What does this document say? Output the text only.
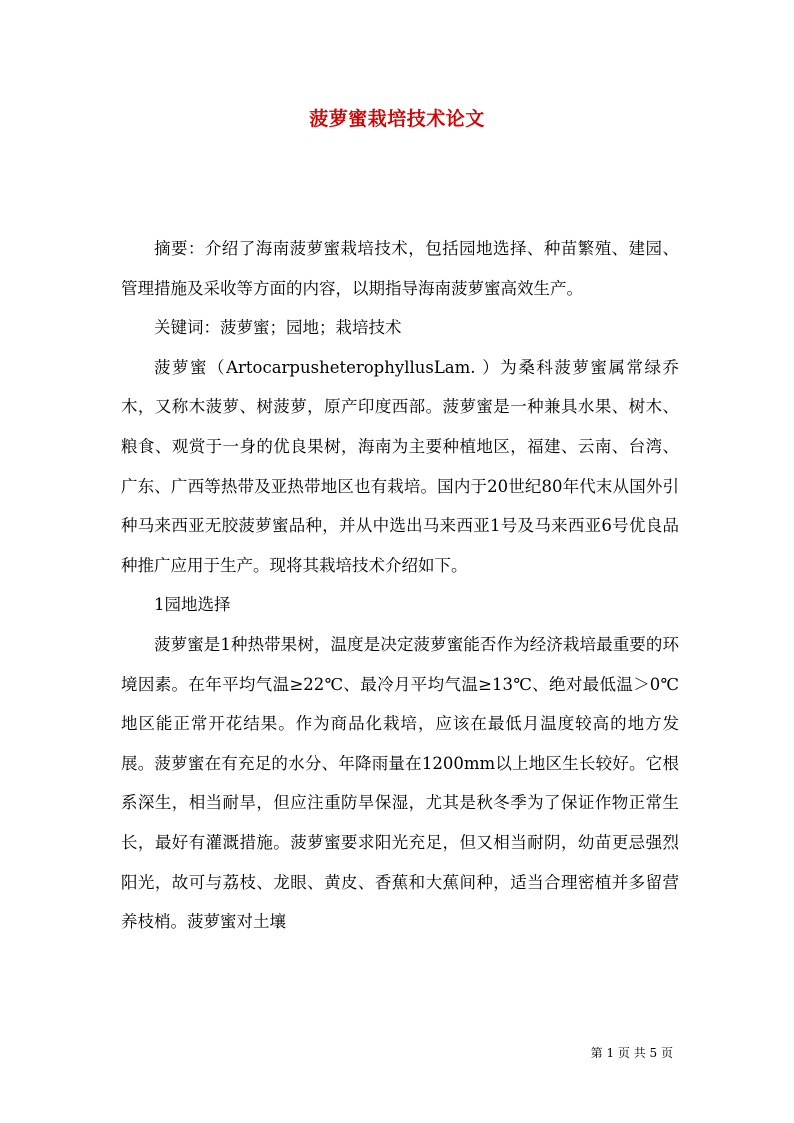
菠萝蜜栽培技术论文

摘要：介绍了海南菠萝蜜栽培技术，包括园地选择、种苗繁殖、建园、管理措施及采收等方面的内容，以期指导海南菠萝蜜高效生产。

关键词：菠萝蜜；园地；栽培技术

菠萝蜜（ArtocarpusheterophyllusLam. ）为桑科菠萝蜜属常绿乔木，又称木菠萝、树菠萝，原产印度西部。菠萝蜜是一种兼具水果、树木、粮食、观赏于一身的优良果树，海南为主要种植地区，福建、云南、台湾、广东、广西等热带及亚热带地区也有栽培。国内于20世纪80年代末从国外引种马来西亚无胶菠萝蜜品种，并从中选出马来西亚1号及马来西亚6号优良品种推广应用于生产。现将其栽培技术介绍如下。

1园地选择

菠萝蜜是1种热带果树，温度是决定菠萝蜜能否作为经济栽培最重要的环境因素。在年平均气温≥22℃、最冷月平均气温≥13℃、绝对最低温＞0℃地区能正常开花结果。作为商品化栽培，应该在最低月温度较高的地方发展。菠萝蜜在有充足的水分、年降雨量在1200mm以上地区生长较好。它根系深生，相当耐旱，但应注重防旱保湿，尤其是秋冬季为了保证作物正常生长，最好有灌溉措施。菠萝蜜要求阳光充足，但又相当耐阴，幼苗更忌强烈阳光，故可与荔枝、龙眼、黄皮、香蕉和大蕉间种，适当合理密植并多留营养枝梢。菠萝蜜对土壤

第 1 页 共 5 页
